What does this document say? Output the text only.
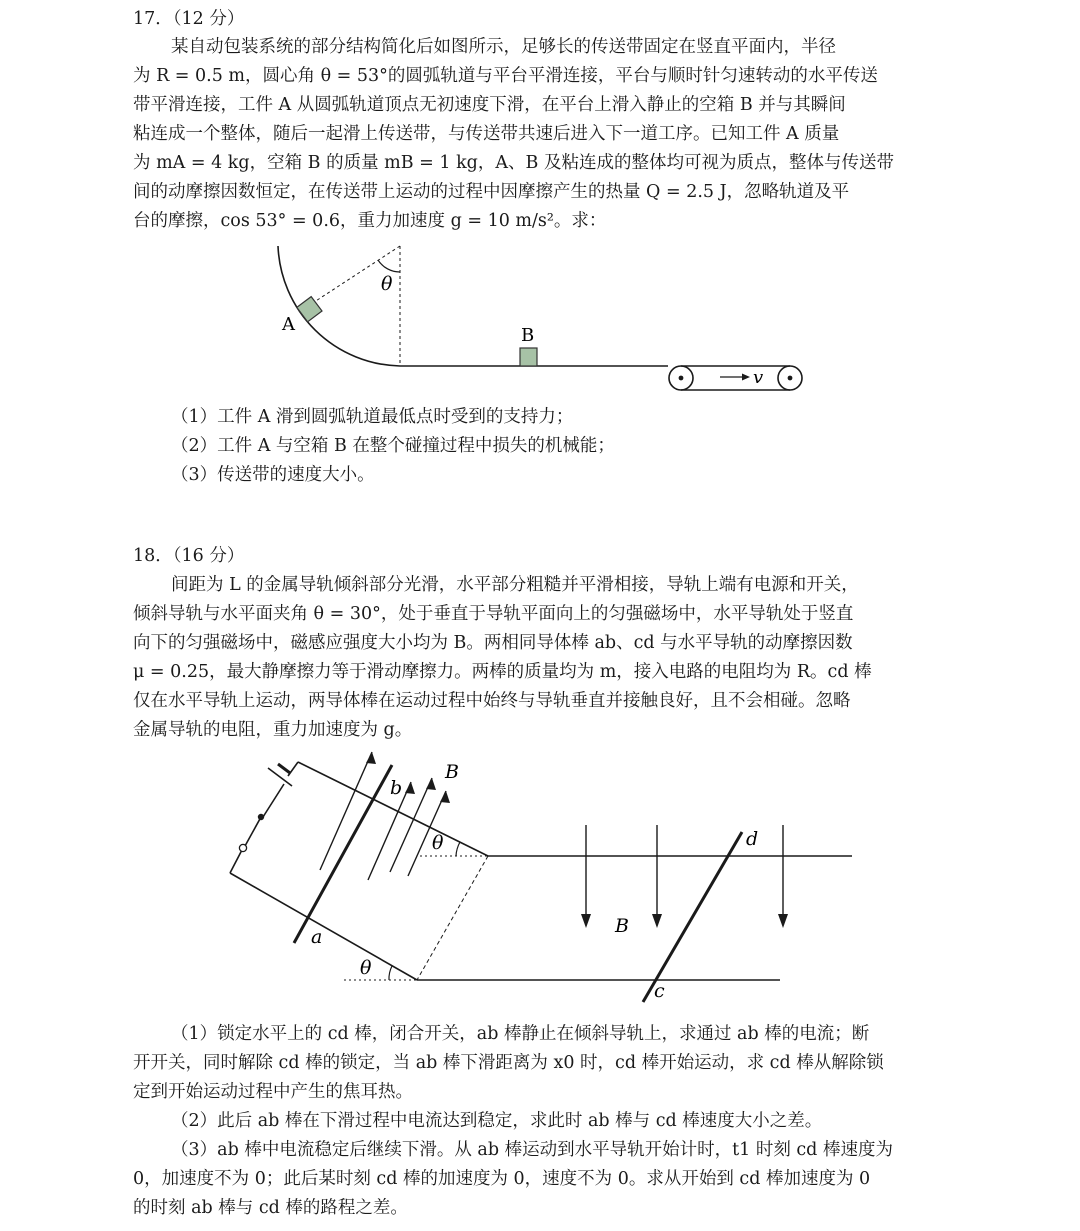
17．（12 分）
某自动包装系统的部分结构简化后如图所示，足够长的传送带固定在竖直平面内，半径
为 R = 0.5 m，圆心角 θ = 53°的圆弧轨道与平台平滑连接，平台与顺时针匀速转动的水平传送
带平滑连接，工件 A 从圆弧轨道顶点无初速度下滑，在平台上滑入静止的空箱 B 并与其瞬间
粘连成一个整体，随后一起滑上传送带，与传送带共速后进入下一道工序。已知工件 A 质量
为 mA = 4 kg，空箱 B 的质量 mB = 1 kg，A、B 及粘连成的整体均可视为质点，整体与传送带
间的动摩擦因数恒定，在传送带上运动的过程中因摩擦产生的热量 Q = 2.5 J，忽略轨道及平
台的摩擦，cos 53° = 0.6，重力加速度 g = 10 m/s²。求：
θ
A
B
v
（1）工件 A 滑到圆弧轨道最低点时受到的支持力；
（2）工件 A 与空箱 B 在整个碰撞过程中损失的机械能；
（3）传送带的速度大小。
18．（16 分）
间距为 L 的金属导轨倾斜部分光滑，水平部分粗糙并平滑相接，导轨上端有电源和开关，
倾斜导轨与水平面夹角 θ = 30°，处于垂直于导轨平面向上的匀强磁场中，水平导轨处于竖直
向下的匀强磁场中，磁感应强度大小均为 B。两相同导体棒 ab、cd 与水平导轨的动摩擦因数
μ = 0.25，最大静摩擦力等于滑动摩擦力。两棒的质量均为 m，接入电路的电阻均为 R。cd 棒
仅在水平导轨上运动，两导体棒在运动过程中始终与导轨垂直并接触良好，且不会相碰。忽略
金属导轨的电阻，重力加速度为 g。
B
b
a
θ
θ
B
d
c
（1）锁定水平上的 cd 棒，闭合开关，ab 棒静止在倾斜导轨上，求通过 ab 棒的电流；断
开开关，同时解除 cd 棒的锁定，当 ab 棒下滑距离为 x0 时，cd 棒开始运动，求 cd 棒从解除锁
定到开始运动过程中产生的焦耳热。
（2）此后 ab 棒在下滑过程中电流达到稳定，求此时 ab 棒与 cd 棒速度大小之差。
（3）ab 棒中电流稳定后继续下滑。从 ab 棒运动到水平导轨开始计时，t1 时刻 cd 棒速度为
0，加速度不为 0；此后某时刻 cd 棒的加速度为 0，速度不为 0。求从开始到 cd 棒加速度为 0
的时刻 ab 棒与 cd 棒的路程之差。
